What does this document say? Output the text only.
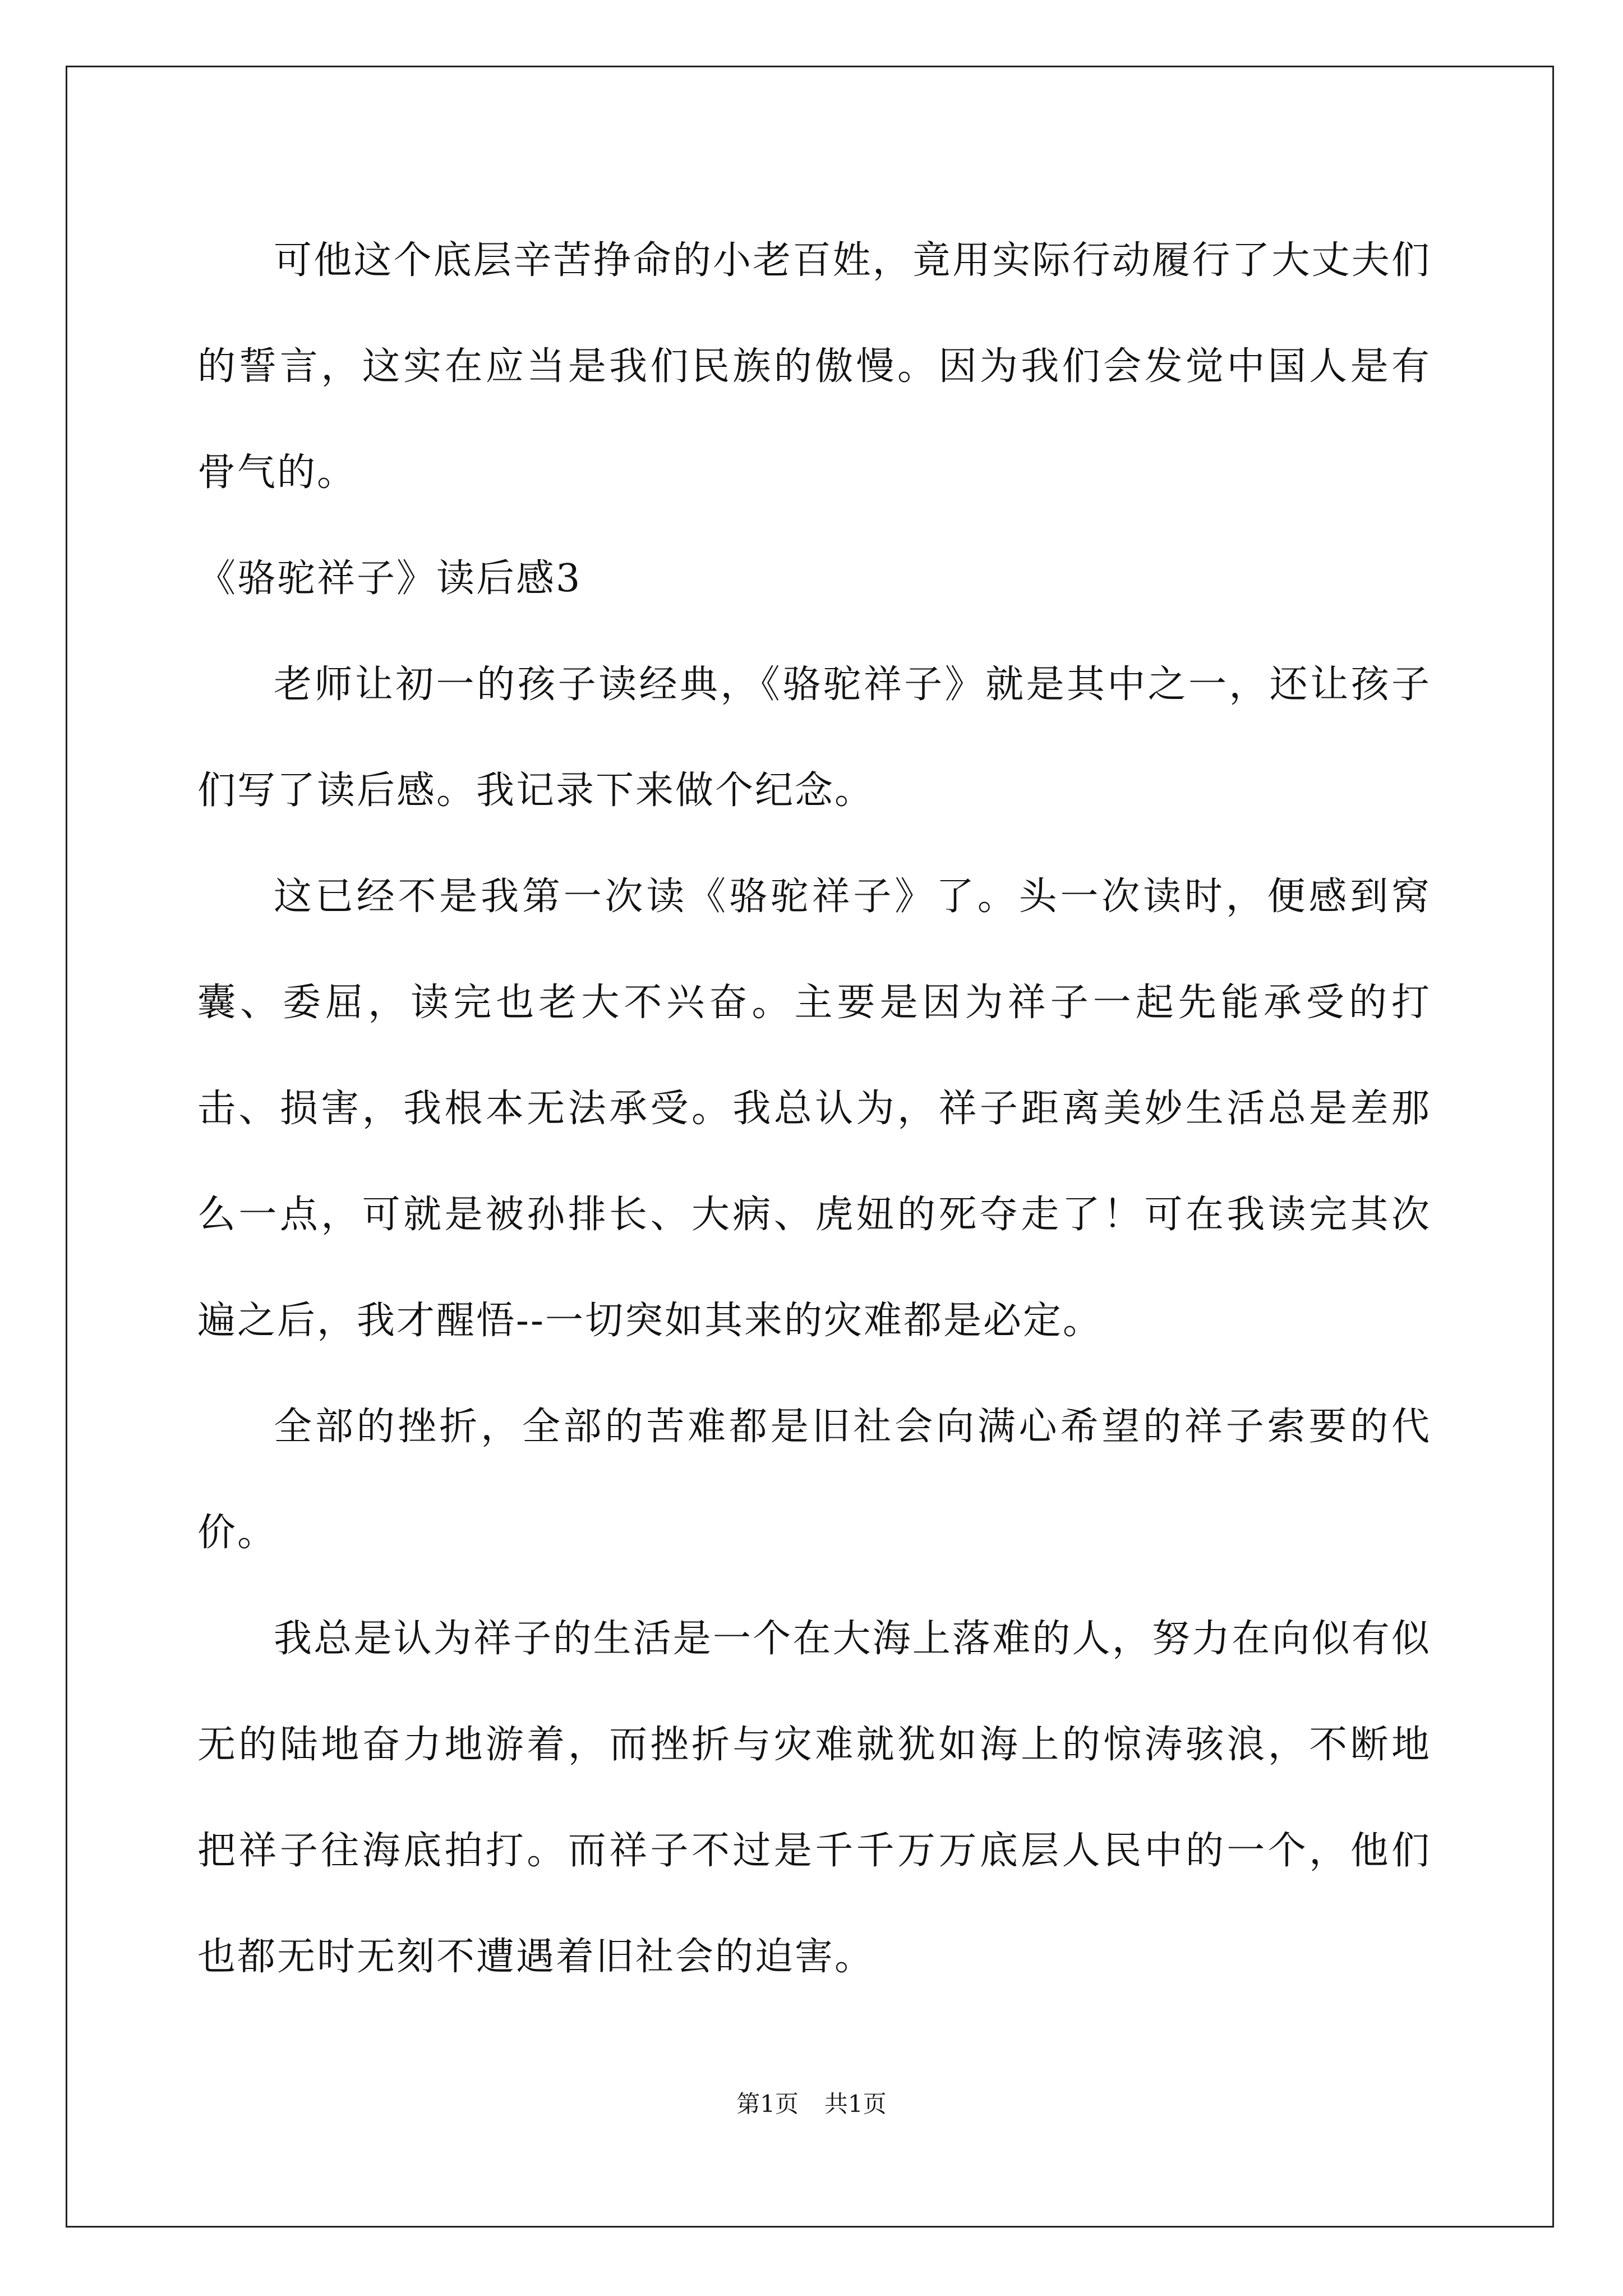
可他这个底层辛苦挣命的小老百姓，竟用实际行动履行了大丈夫们的誓言，这实在应当是我们民族的傲慢。因为我们会发觉中国人是有骨气的。

《骆驼祥子》读后感3

老师让初一的孩子读经典，《骆驼祥子》就是其中之一，还让孩子们写了读后感。我记录下来做个纪念。

这已经不是我第一次读《骆驼祥子》了。头一次读时，便感到窝囊、委屈，读完也老大不兴奋。主要是因为祥子一起先能承受的打击、损害，我根本无法承受。我总认为，祥子距离美妙生活总是差那么一点，可就是被孙排长、大病、虎妞的死夺走了！可在我读完其次遍之后，我才醒悟--一切突如其来的灾难都是必定。

全部的挫折，全部的苦难都是旧社会向满心希望的祥子索要的代价。

我总是认为祥子的生活是一个在大海上落难的人，努力在向似有似无的陆地奋力地游着，而挫折与灾难就犹如海上的惊涛骇浪，不断地把祥子往海底拍打。而祥子不过是千千万万底层人民中的一个，他们也都无时无刻不遭遇着旧社会的迫害。

第1页 共1页
